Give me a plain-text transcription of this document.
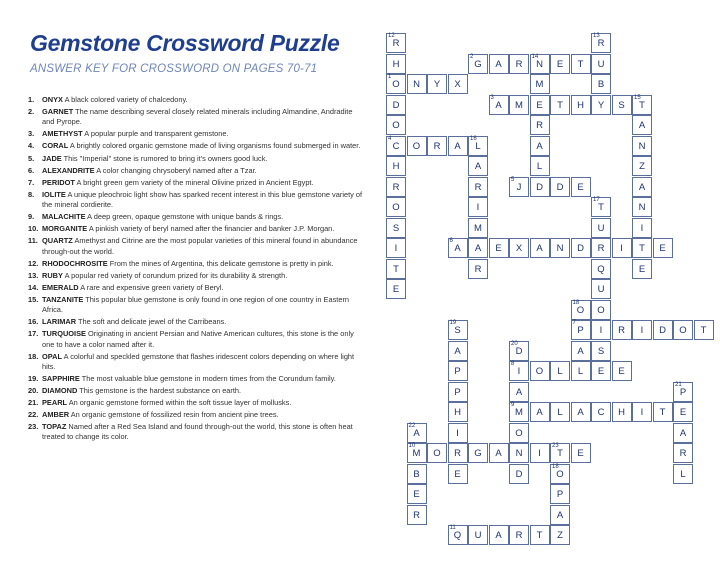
Gemstone Crossword Puzzle
ANSWER KEY FOR CROSSWORD ON PAGES 70-71
1.	ONYX A black colored variety of chalcedony.
2.	GARNET The name describing several closely related minerals including Almandine, Andradite and Pyrope.
3.	AMETHYST A popular purple and transparent gemstone.
4.	CORAL A brightly colored organic gemstone made of living organisms found submerged in water.
5.	JADE This "Imperial" stone is rumored to bring it's owners good luck.
6.	ALEXANDRITE A color changing chrysoberyl named after a Tzar.
7.	PERIDOT A bright green gem variety of the mineral Olivine prized in Ancient Egypt.
8.	IOLITE A unique pleochroic light show has sparked recent interest in this blue gemstone variety of the mineral cordierite.
9.	MALACHITE A deep green, opaque gemstone with unique bands & rings.
10. MORGANITE A pinkish variety of beryl named after the financier and banker J.P. Morgan.
11. QUARTZ Amethyst and Citrine are the most popular varieties of this mineral found in abundance through-out the world.
12. RHODOCHROSITE From the mines of Argentina, this delicate gemstone is pretty in pink.
13. RUBY A popular red variety of corundum prized for its durability & strength.
14. EMERALD A rare and expensive green variety of Beryl.
15. TANZANITE This popular blue gemstone is only found in one region of one country in Eastern Africa.
16. LARIMAR The soft and delicate jewel of the Carribeans.
17. TURQUOISE Originating in ancient Persian and Native American cultures, this stone is the only one to have a color named after it.
18. OPAL A colorful and speckled gemstone that flashes iridescent colors depending on where light hits.
19. SAPPHIRE The most valuable blue gemstone in modern times from the Corundum family.
20. DIAMOND This gemstone is the hardest substance on earth.
21. PEARL An organic gemstone formed within the soft tissue layer of mollusks.
22. AMBER An organic gemstone of fossilized resin from ancient pine trees.
23. TOPAZ Named after a Red Sea Island and found through-out the world, this stone is often heat treated to change its color.
R
12
H
O
1
D
O
C
4
H
R
O
S
I
T
E
G
2
A	R	N
14
E	T
M
E
R
A
L
D
R
13
U
B
Y
N	Y	X
A
3
M	T	H	S	T
15
A
N
Z
A
N
I
T
E
O	R	A	L
16
A
R
I
M
A
R
J
5
D	E
T
17
U
R
Q
U
O
I
S
E
A
6
E	X	A	N	D	I	E
O
18
P
7
A
L
R	I	D	O	T
S
19
A
P
P
H
I
R
E
D
20
I
8
A
M
9
O
N
D
O	L	E
P
21
E
A
R
L
A	L	A	C	H	I	T
A
22
M
10
B
E
R
O	G	A	I	T
23
E
O
18
P
A
Z
Q
11
U	A	R	T
